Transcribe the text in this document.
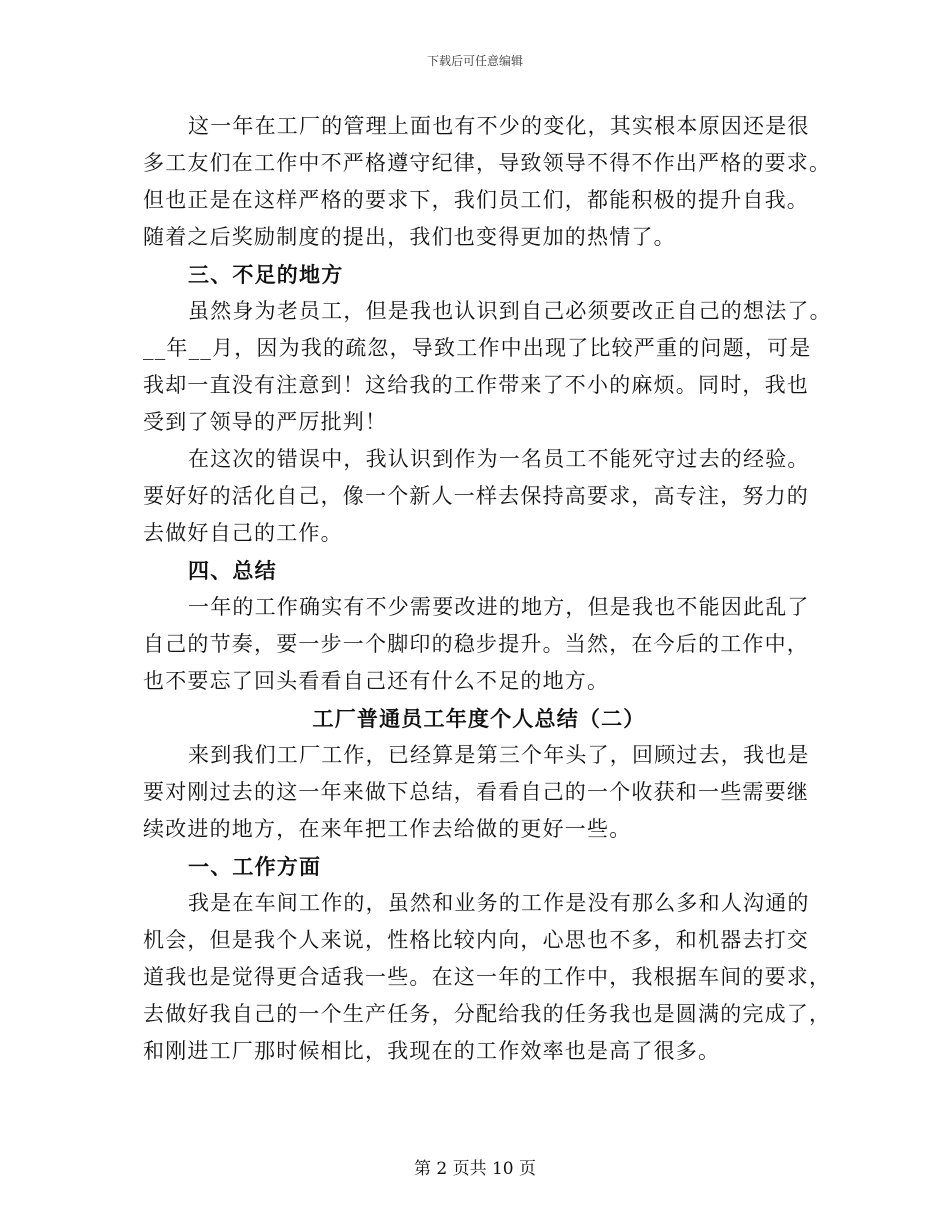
下载后可任意编辑
这一年在工厂的管理上面也有不少的变化，其实根本原因还是很
多工友们在工作中不严格遵守纪律，导致领导不得不作出严格的要求。
但也正是在这样严格的要求下，我们员工们，都能积极的提升自我。
随着之后奖励制度的提出，我们也变得更加的热情了。
三、不足的地方
虽然身为老员工，但是我也认识到自己必须要改正自己的想法了。
__年__月，因为我的疏忽，导致工作中出现了比较严重的问题，可是
我却一直没有注意到！这给我的工作带来了不小的麻烦。同时，我也
受到了领导的严厉批判！
在这次的错误中，我认识到作为一名员工不能死守过去的经验。
要好好的活化自己，像一个新人一样去保持高要求，高专注，努力的
去做好自己的工作。
四、总结
一年的工作确实有不少需要改进的地方，但是我也不能因此乱了
自己的节奏，要一步一个脚印的稳步提升。当然，在今后的工作中，
也不要忘了回头看看自己还有什么不足的地方。
工厂普通员工年度个人总结（二）
来到我们工厂工作，已经算是第三个年头了，回顾过去，我也是
要对刚过去的这一年来做下总结，看看自己的一个收获和一些需要继
续改进的地方，在来年把工作去给做的更好一些。
一、工作方面
我是在车间工作的，虽然和业务的工作是没有那么多和人沟通的
机会，但是我个人来说，性格比较内向，心思也不多，和机器去打交
道我也是觉得更合适我一些。在这一年的工作中，我根据车间的要求，
去做好我自己的一个生产任务，分配给我的任务我也是圆满的完成了，
和刚进工厂那时候相比，我现在的工作效率也是高了很多。
第 2 页共 10 页
